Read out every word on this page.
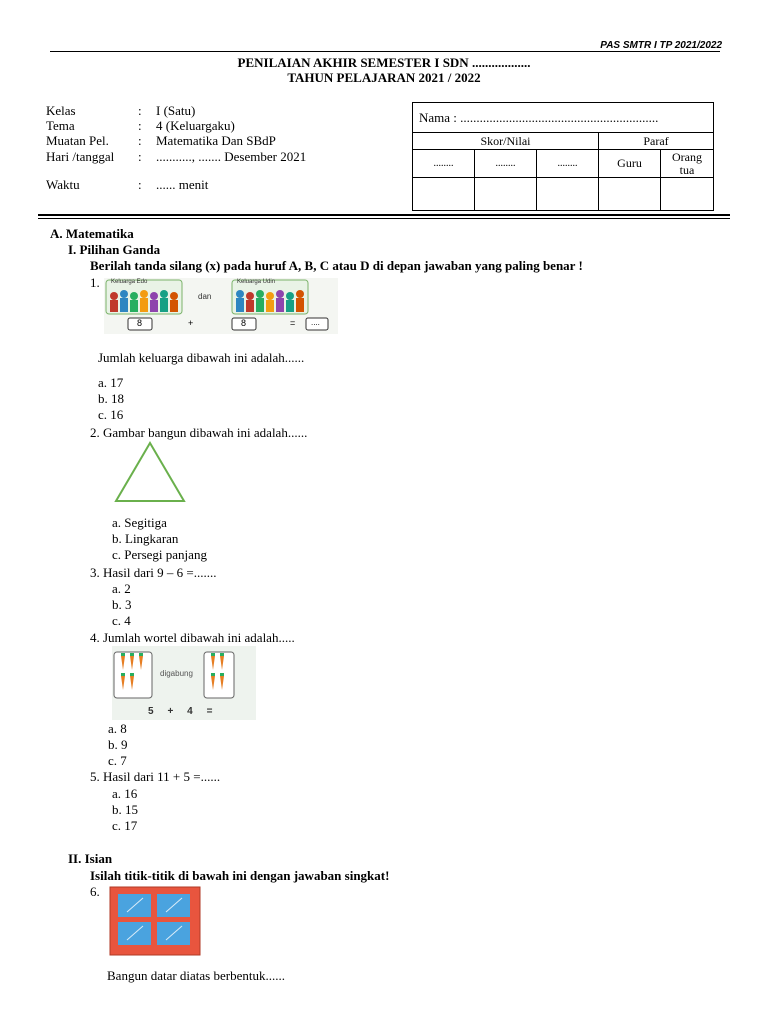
PAS SMTR I TP 2021/2022
PENILAIAN AKHIR SEMESTER I SDN ..................
TAHUN PELAJARAN 2021 / 2022
Kelas	: I (Satu)
Tema	: 4 (Keluargaku)
Muatan Pel. : Matematika Dan SBdP
Hari /tanggal : ..........., ....... Desember 2021
Waktu	: ...... menit
Nama : .............................................................				
Skor/Nilai			Paraf	
........	........	........	Guru	Orang
tua

A. Matematika
I. Pilihan Ganda
Berilah tanda silang (x) pada huruf A, B, C atau D di depan jawaban yang paling benar !
1. Keluarga Edo	Keluarga Udin
dan
8	8
+	= ....
Jumlah keluarga dibawah ini adalah......
a. 17
b. 18
c. 16
2. Gambar bangun dibawah ini adalah......
a. Segitiga
b. Lingkaran
c. Persegi panjang
3. Hasil dari 9 – 6 =.......
a. 2
b. 3
c. 4
4. Jumlah wortel dibawah ini adalah.....
digabung
5     +     4     =
a. 8
b. 9
c. 7
5. Hasil dari 11 + 5 =......
a. 16
b. 15
c. 17
II. Isian
Isilah titik-titik di bawah ini dengan jawaban singkat!
6.
Bangun datar diatas berbentuk......
